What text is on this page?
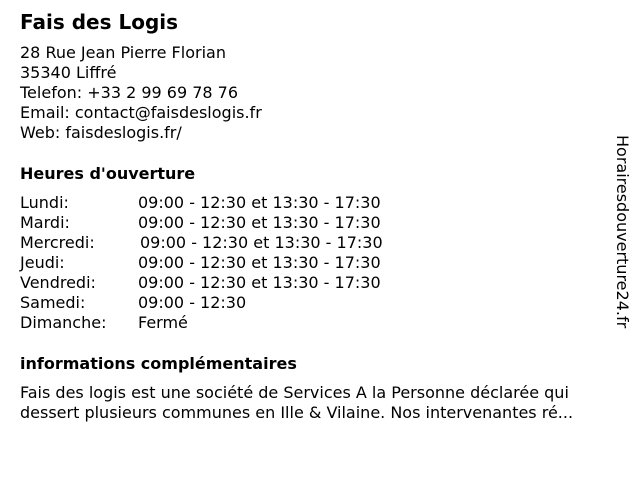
Fais des Logis
28 Rue Jean Pierre Florian
35340 Liffré
Telefon: +33 2 99 69 78 76
Email: contact@faisdeslogis.fr
Web: faisdeslogis.fr/
Heures d'ouverture
Lundi:	09:00 - 12:30 et 13:30 - 17:30
Mardi:	09:00 - 12:30 et 13:30 - 17:30
Mercredi:	09:00 - 12:30 et 13:30 - 17:30
Jeudi:	09:00 - 12:30 et 13:30 - 17:30
Vendredi:	09:00 - 12:30 et 13:30 - 17:30
Samedi:	09:00 - 12:30
Dimanche: Fermé
informations complémentaires
Fais des logis est une société de Services A la Personne déclarée qui
dessert plusieurs communes en Ille & Vilaine. Nos intervenantes ré...
Horairesdouverture24.fr
